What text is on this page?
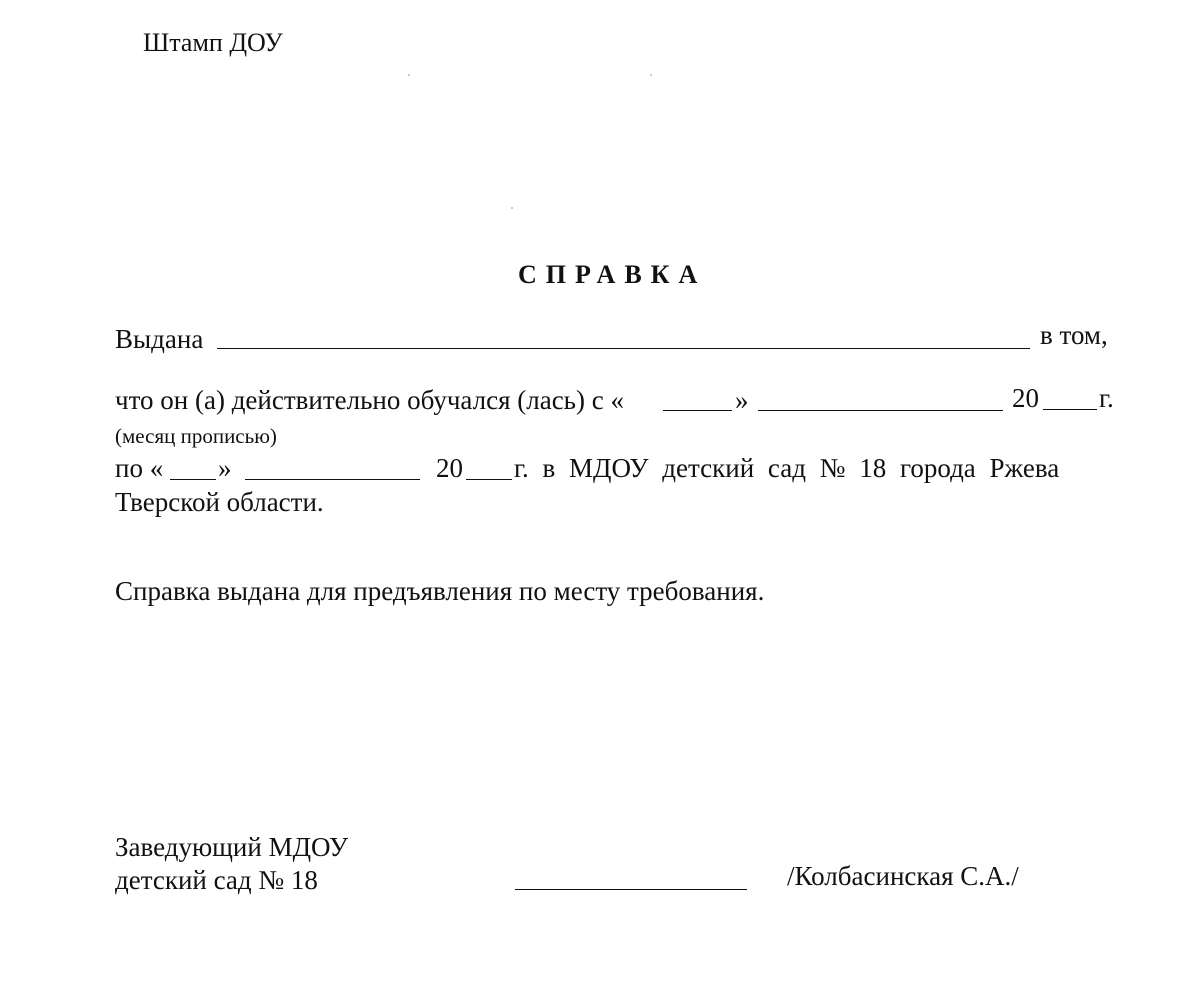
Штамп ДОУ
СПРАВКА
Выдана	в том,
что он (а) действительно обучался (лась) с «	»	20 г.
(месяц прописью)
по « »	20 г. в МДОУ детский сад № 18 города Ржева
Тверской области.
Справка выдана для предъявления по месту требования.
Заведующий МДОУ
детский сад № 18	/Колбасинская С.А./
